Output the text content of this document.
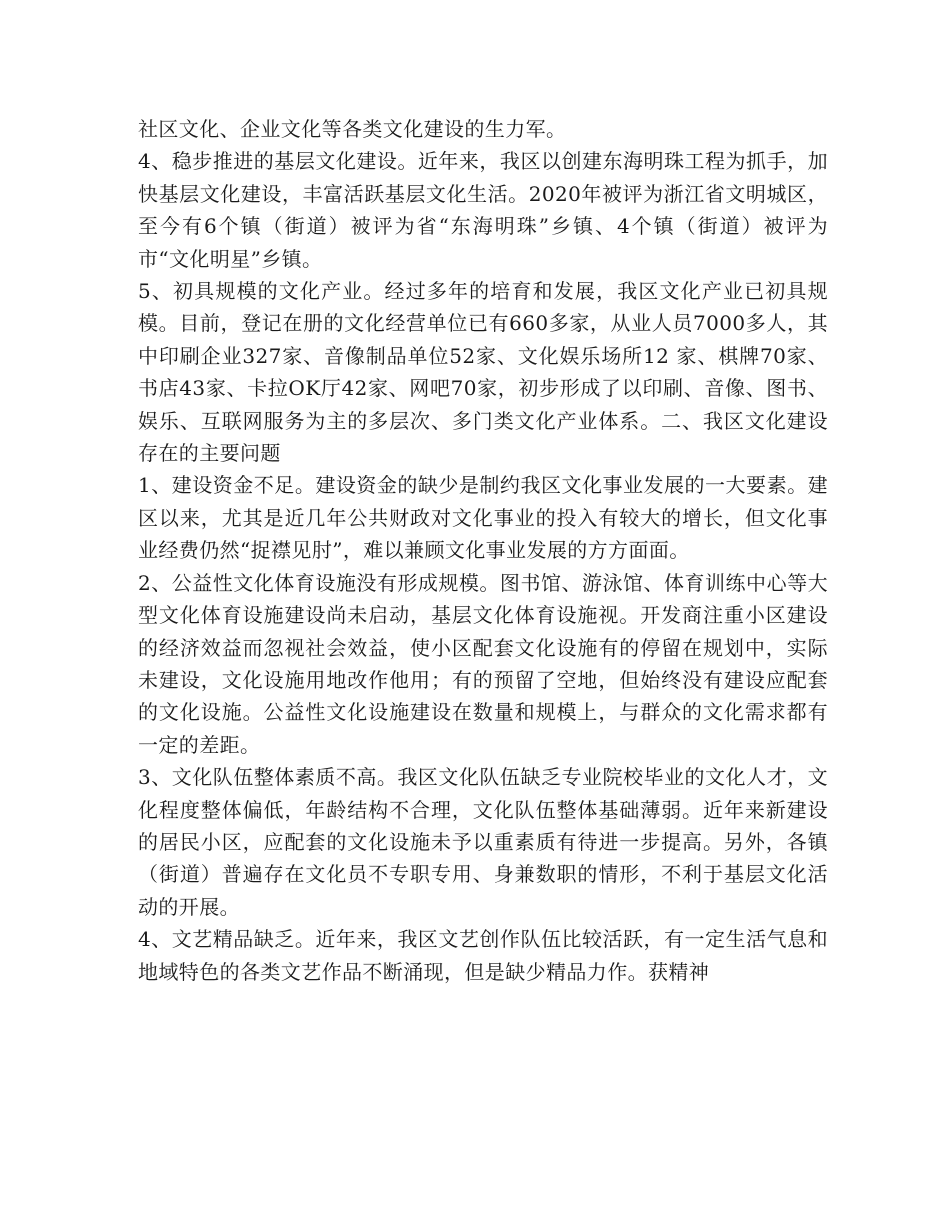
社区文化、企业文化等各类文化建设的生力军。

4、稳步推进的基层文化建设。近年来，我区以创建东海明珠工程为抓手，加快基层文化建设，丰富活跃基层文化生活。2020年被评为浙江省文明城区，至今有6个镇（街道）被评为省“东海明珠”乡镇、4个镇（街道）被评为市“文化明星”乡镇。

5、初具规模的文化产业。经过多年的培育和发展，我区文化产业已初具规模。目前，登记在册的文化经营单位已有660多家，从业人员7000多人，其中印刷企业327家、音像制品单位52家、文化娱乐场所12 家、棋牌70家、书店43家、卡拉OK厅42家、网吧70家，初步形成了以印刷、音像、图书、娱乐、互联网服务为主的多层次、多门类文化产业体系。二、我区文化建设存在的主要问题

1、建设资金不足。建设资金的缺少是制约我区文化事业发展的一大要素。建区以来，尤其是近几年公共财政对文化事业的投入有较大的增长，但文化事业经费仍然“捉襟见肘”，难以兼顾文化事业发展的方方面面。

2、公益性文化体育设施没有形成规模。图书馆、游泳馆、体育训练中心等大型文化体育设施建设尚未启动，基层文化体育设施视。开发商注重小区建设的经济效益而忽视社会效益，使小区配套文化设施有的停留在规划中，实际未建设，文化设施用地改作他用；有的预留了空地，但始终没有建设应配套的文化设施。公益性文化设施建设在数量和规模上，与群众的文化需求都有一定的差距。

3、文化队伍整体素质不高。我区文化队伍缺乏专业院校毕业的文化人才，文化程度整体偏低，年龄结构不合理，文化队伍整体基础薄弱。近年来新建设的居民小区，应配套的文化设施未予以重素质有待进一步提高。另外，各镇（街道）普遍存在文化员不专职专用、身兼数职的情形，不利于基层文化活动的开展。

4、文艺精品缺乏。近年来，我区文艺创作队伍比较活跃，有一定生活气息和地域特色的各类文艺作品不断涌现，但是缺少精品力作。获精神
